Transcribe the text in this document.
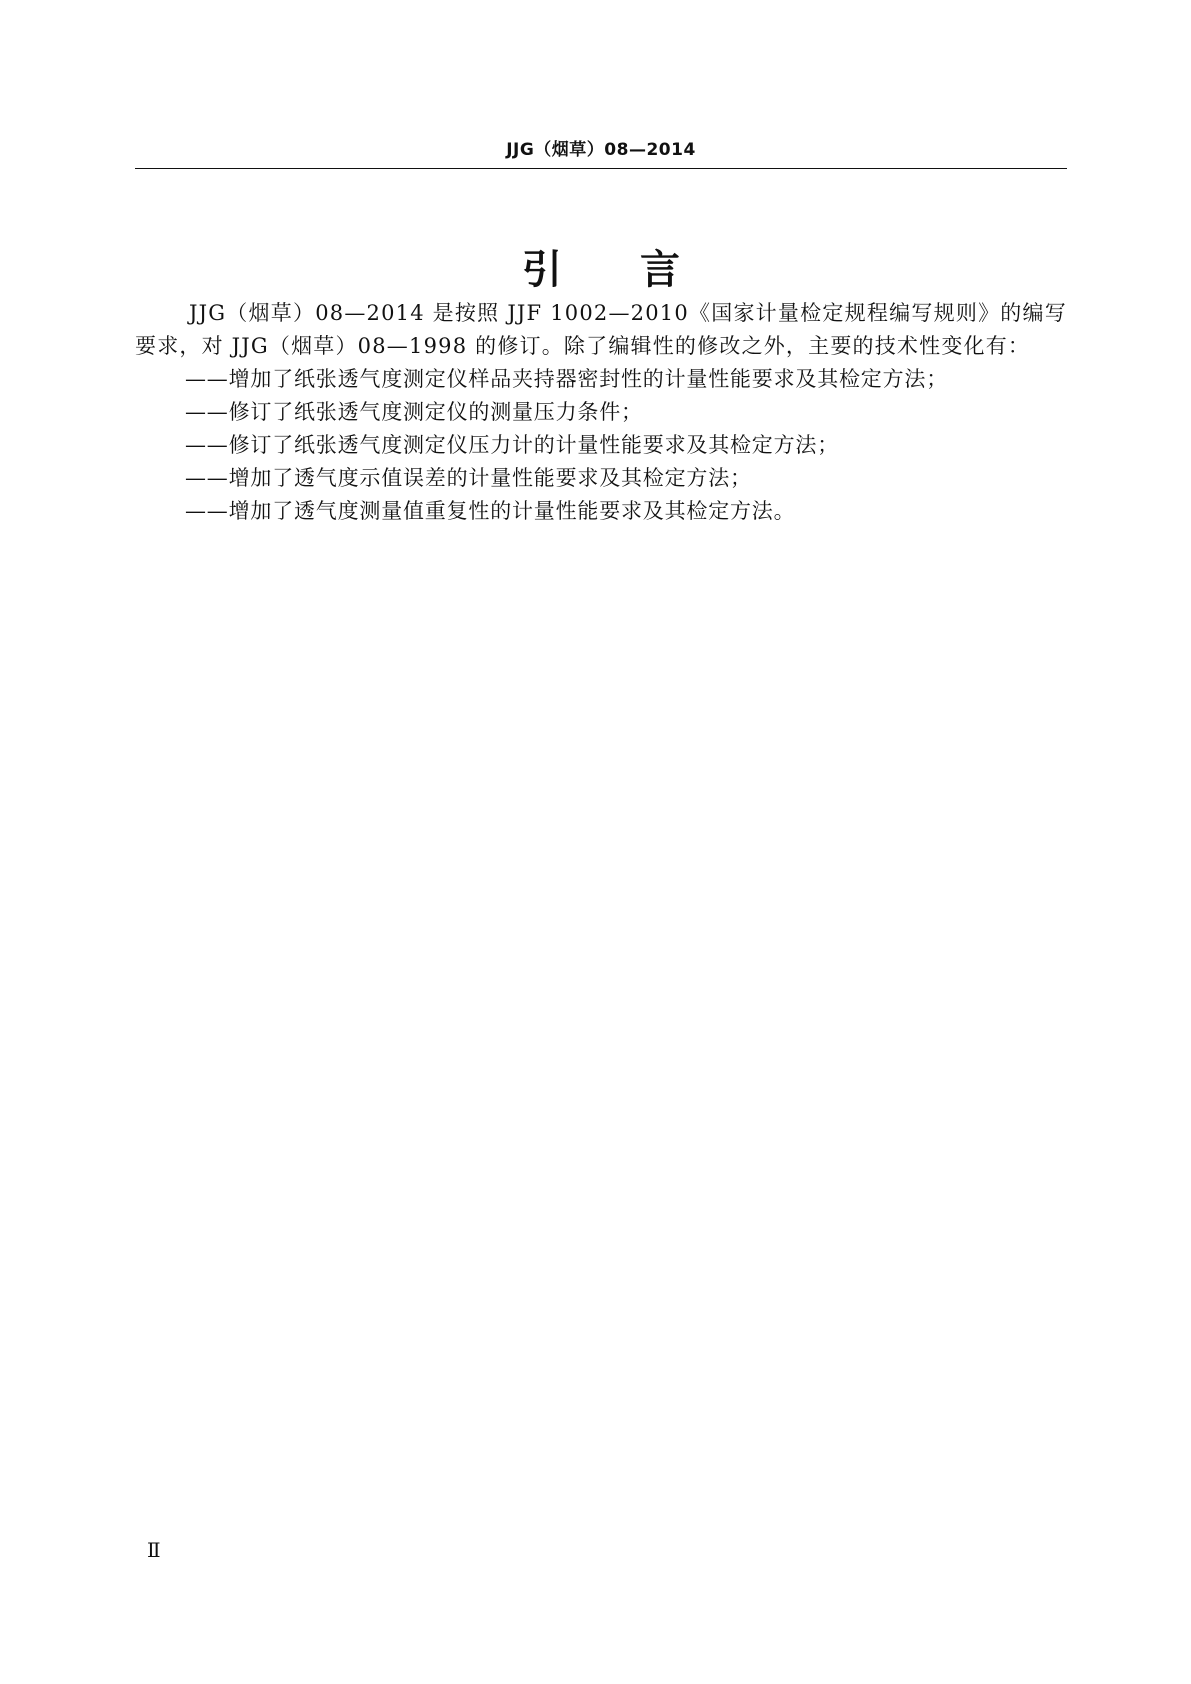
JJG（烟草）08—2014
引言

JJG（烟草）08—2014 是按照 JJF 1002—2010《国家计量检定规程编写规则》的编写要求，对 JJG（烟草）08—1998 的修订。除了编辑性的修改之外，主要的技术性变化有：

——增加了纸张透气度测定仪样品夹持器密封性的计量性能要求及其检定方法；
——修订了纸张透气度测定仪的测量压力条件；
——修订了纸张透气度测定仪压力计的计量性能要求及其检定方法；
——增加了透气度示值误差的计量性能要求及其检定方法；
——增加了透气度测量值重复性的计量性能要求及其检定方法。
Ⅱ
